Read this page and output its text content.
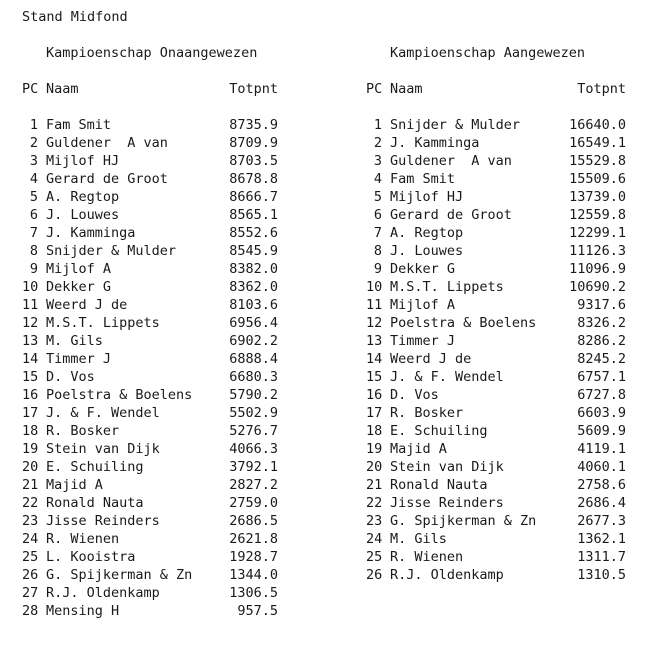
Stand Midfond
Kampioenschap Onaangewezen
PC Naam	Totpnt
1 Fam Smit	8735.9
2 Guldener  A van	8709.9
3 Mijlof HJ	8703.5
4 Gerard de Groot	8678.8
5 A. Regtop	8666.7
6 J. Louwes	8565.1
7 J. Kamminga	8552.6
8 Snijder & Mulder	8545.9
9 Mijlof A	8382.0
10 Dekker G	8362.0
11 Weerd J de	8103.6
12 M.S.T. Lippets	6956.4
13 M. Gils	6902.2
14 Timmer J	6888.4
15 D. Vos	6680.3
16 Poelstra & Boelens	5790.2
17 J. & F. Wendel	5502.9
18 R. Bosker	5276.7
19 Stein van Dijk	4066.3
20 E. Schuiling	3792.1
21 Majid A	2827.2
22 Ronald Nauta	2759.0
23 Jisse Reinders	2686.5
24 R. Wienen	2621.8
25 L. Kooistra	1928.7
26 G. Spijkerman & Zn	1344.0
27 R.J. Oldenkamp	1306.5
28 Mensing H	957.5
Kampioenschap Aangewezen
PC Naam	Totpnt
1 Snijder & Mulder	16640.0
2 J. Kamminga	16549.1
3 Guldener  A van	15529.8
4 Fam Smit	15509.6
5 Mijlof HJ	13739.0
6 Gerard de Groot	12559.8
7 A. Regtop	12299.1
8 J. Louwes	11126.3
9 Dekker G	11096.9
10 M.S.T. Lippets	10690.2
11 Mijlof A	9317.6
12 Poelstra & Boelens	8326.2
13 Timmer J	8286.2
14 Weerd J de	8245.2
15 J. & F. Wendel	6757.1
16 D. Vos	6727.8
17 R. Bosker	6603.9
18 E. Schuiling	5609.9
19 Majid A	4119.1
20 Stein van Dijk	4060.1
21 Ronald Nauta	2758.6
22 Jisse Reinders	2686.4
23 G. Spijkerman & Zn	2677.3
24 M. Gils	1362.1
25 R. Wienen	1311.7
26 R.J. Oldenkamp	1310.5
